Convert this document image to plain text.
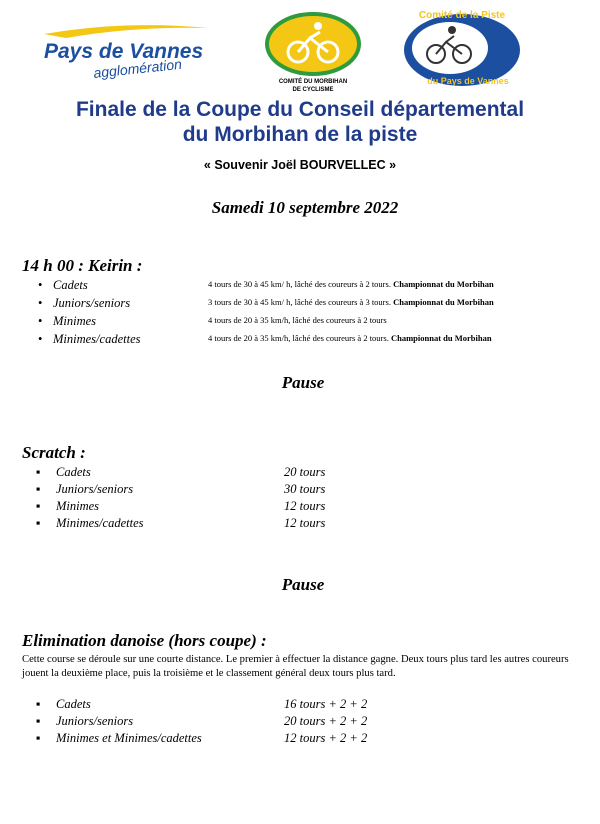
Pays de Vannes
agglomération
COMITÉ DU MORBIHAN
DE CYCLISME
Comité de la Piste
du Pays de Vannes
Finale de la Coupe du Conseil départemental
du Morbihan de la piste
« Souvenir Joël BOURVELLEC »
Samedi 10 septembre 2022
14 h 00 : Keirin :
• Cadets	4 tours de 30 à 45 km/ h, lâché des coureurs à 2 tours. Championnat du Morbihan
• Juniors/seniors	3 tours de 30 à 45 km/ h, lâché des coureurs à 3 tours. Championnat du Morbihan
• Minimes	4 tours de 20 à 35 km/h, lâché des coureurs à 2 tours
• Minimes/cadettes	4 tours de 20 à 35 km/h, lâché des coureurs à 2 tours. Championnat du Morbihan
Pause
Scratch :
▪ Cadets	20 tours
▪ Juniors/seniors	30 tours
▪ Minimes	12 tours
▪ Minimes/cadettes	12 tours
Pause
Elimination danoise (hors coupe) :
Cette course se déroule sur une courte distance. Le premier à effectuer la distance gagne. Deux tours plus tard les autres coureurs jouent la deuxième place, puis la troisième et le classement général deux tours plus tard.
▪ Cadets	16 tours + 2 + 2
▪ Juniors/seniors	20 tours + 2 + 2
▪ Minimes et Minimes/cadettes	12 tours + 2 + 2
